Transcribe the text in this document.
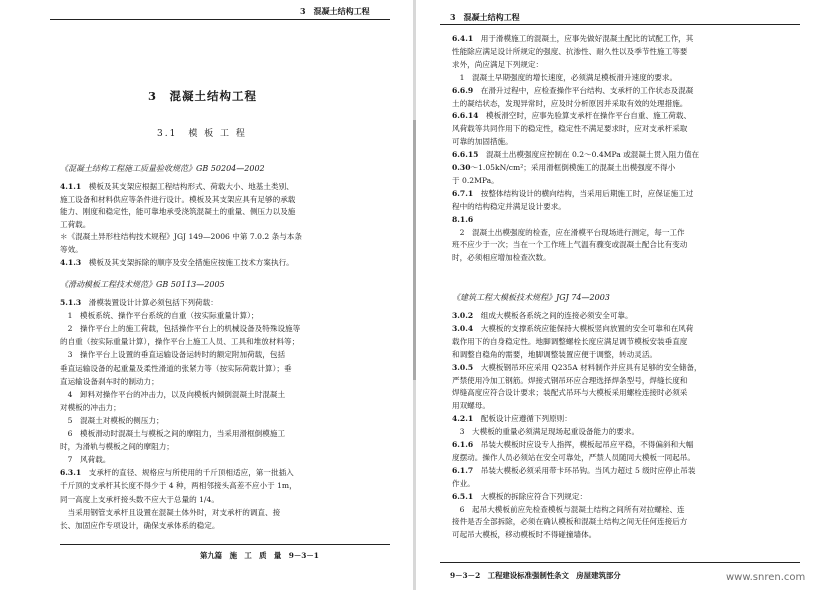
3　混凝土结构工程
3　混凝土结构工程
3.1　模 板 工 程
《混凝土结构工程施工质量验收规范》GB 50204—2002
4.1.1　模板及其支架应根据工程结构形式、荷载大小、地基土类别、
施工设备和材料供应等条件进行设计。模板及其支架应具有足够的承载
能力、刚度和稳定性，能可靠地承受浇筑混凝土的重量、侧压力以及施
工荷载。
＊《混凝土异形柱结构技术规程》JGJ 149—2006 中第 7.0.2 条与本条
等效。
4.1.3　模板及其支架拆除的顺序及安全措施应按施工技术方案执行。
《滑动模板工程技术规范》GB 50113—2005
5.1.3　滑模装置设计计算必须包括下列荷载：
　1　模板系统、操作平台系统的自重（按实际重量计算）；
　2　操作平台上的施工荷载，包括操作平台上的机械设备及特殊设施等
的自重（按实际重量计算），操作平台上施工人员、工具和堆放材料等；
　3　操作平台上设置的垂直运输设备运转时的额定附加荷载，包括
垂直运输设备的起重量及柔性滑道的张紧力等（按实际荷载计算）；垂
直运输设备刹车时的制动力；
　4　卸料对操作平台的冲击力，以及向模板内倾倒混凝土时混凝土
对模板的冲击力；
　5　混凝土对模板的侧压力；
　6　模板滑动时混凝土与模板之间的摩阻力，当采用滑框倒模施工
时，为滑轨与模板之间的摩阻力；
　7　风荷载。
6.3.1　支承杆的直径、规格应与所使用的千斤顶相适应，第一批插入
千斤顶的支承杆其长度不得少于 4 种，两相邻接头高差不应小于 1m，
同一高度上支承杆接头数不应大于总量的 1/4。
　当采用钢管支承杆且设置在混凝土体外时，对支承杆的调直、接
长、加固应作专项设计，确保支承体系的稳定。
第九篇　施　工　质　量　9－3－1
3　混凝土结构工程
6.4.1　用于滑模施工的混凝土，应事先做好混凝土配比的试配工作，其
性能除应满足设计所规定的强度、抗渗性、耐久性以及季节性施工等要
求外，尚应满足下列规定：
　1　混凝土早期强度的增长速度，必须满足模板滑升速度的要求。
6.6.9　在滑升过程中，应检查操作平台结构、支承杆的工作状态及混凝
土的凝结状态，发现异常时，应及时分析原因并采取有效的处理措施。
6.6.14　模板滑空时，应事先验算支承杆在操作平台自重、施工荷载、
风荷载等共同作用下的稳定性，稳定性不满足要求时，应对支承杆采取
可靠的加固措施。
6.6.15　混凝土出模强度应控制在 0.2～0.4MPa 或混凝土贯入阻力值在
0.30～1.05kN/cm²；采用滑框倒模施工的混凝土出模强度不得小
于 0.2MPa。
6.7.1　按整体结构设计的横向结构，当采用后期施工时，应保证施工过
程中的结构稳定并满足设计要求。
8.1.6
　2　混凝土出模强度的检查，应在滑模平台现场进行测定，每一工作
班不应少于一次；当在一个工作班上气温有骤变或混凝土配合比有变动
时，必须相应增加检查次数。
《建筑工程大模板技术规程》JGJ 74—2003
3.0.2　组成大模板各系统之间的连接必须安全可靠。
3.0.4　大模板的支撑系统应能保持大模板竖向放置的安全可靠和在风荷
载作用下的自身稳定性。地脚调整螺栓长度应满足调节模板安装垂直度
和调整自稳角的需要，地脚调整装置应便于调整，转动灵活。
3.0.5　大模板钢吊环应采用 Q235A 材料制作并应具有足够的安全储备，
严禁使用冷加工钢筋。焊接式钢吊环应合理选择焊条型号，焊缝长度和
焊缝高度应符合设计要求；装配式吊环与大模板采用螺栓连接时必须采
用双螺母。
4.2.1　配板设计应遵循下列原则：
　3　大模板的重量必须满足现场起重设备能力的要求。
6.1.6　吊装大模板时应设专人指挥，模板起吊应平稳，不得偏斜和大幅
度摆动。操作人员必须站在安全可靠处，严禁人员随同大模板一同起吊。
6.1.7　吊装大模板必须采用带卡环吊钩。当风力超过 5 级时应停止吊装
作业。
6.5.1　大模板的拆除应符合下列规定：
　6　起吊大模板前应先检查模板与混凝土结构之间所有对拉螺栓、连
接件是否全部拆除，必须在确认模板和混凝土结构之间无任何连接后方
可起吊大模板，移动模板时不得碰撞墙体。
9－3－2　工程建设标准强制性条文　房屋建筑部分	www.snren.com
